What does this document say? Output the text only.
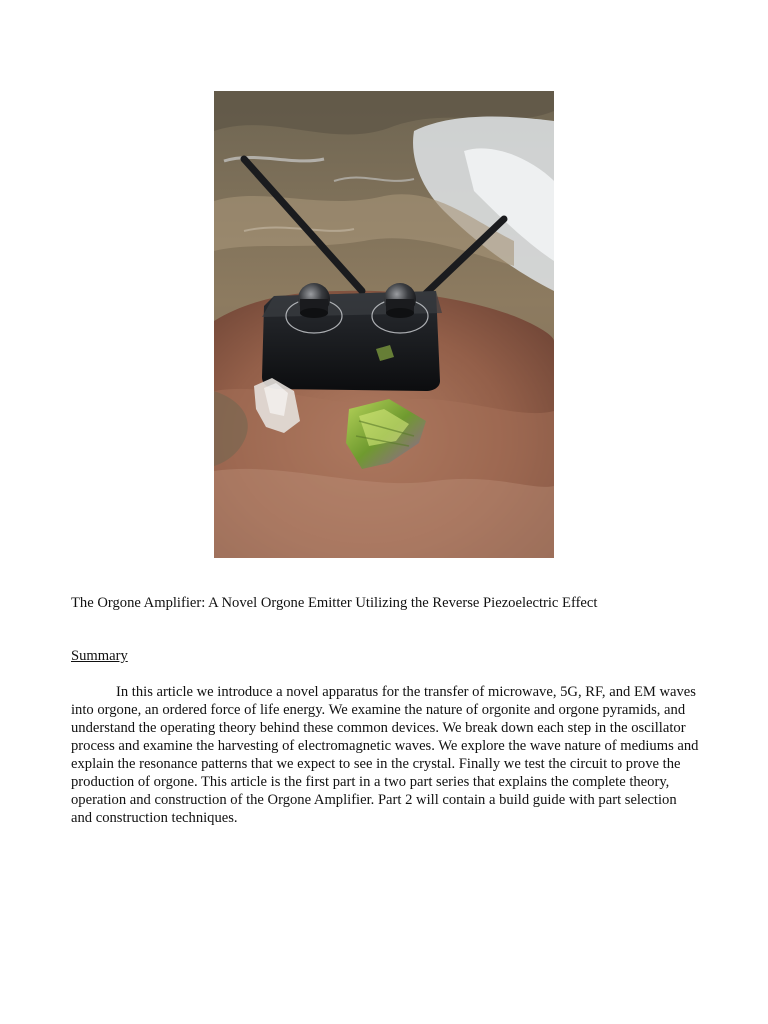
The Orgone Amplifier: A Novel Orgone Emitter Utilizing the Reverse Piezoelectric Effect
Summary

In this article we introduce a novel apparatus for the transfer of microwave, 5G, RF, and EM waves into orgone, an ordered force of life energy. We examine the nature of orgonite and orgone pyramids, and understand the operating theory behind these common devices. We break down each step in the oscillator process and examine the harvesting of electromagnetic waves. We explore the wave nature of mediums and explain the resonance patterns that we expect to see in the crystal. Finally we test the circuit to prove the production of orgone. This article is the first part in a two part series that explains the complete theory, operation and construction of the Orgone Amplifier. Part 2 will contain a build guide with part selection and construction techniques.
